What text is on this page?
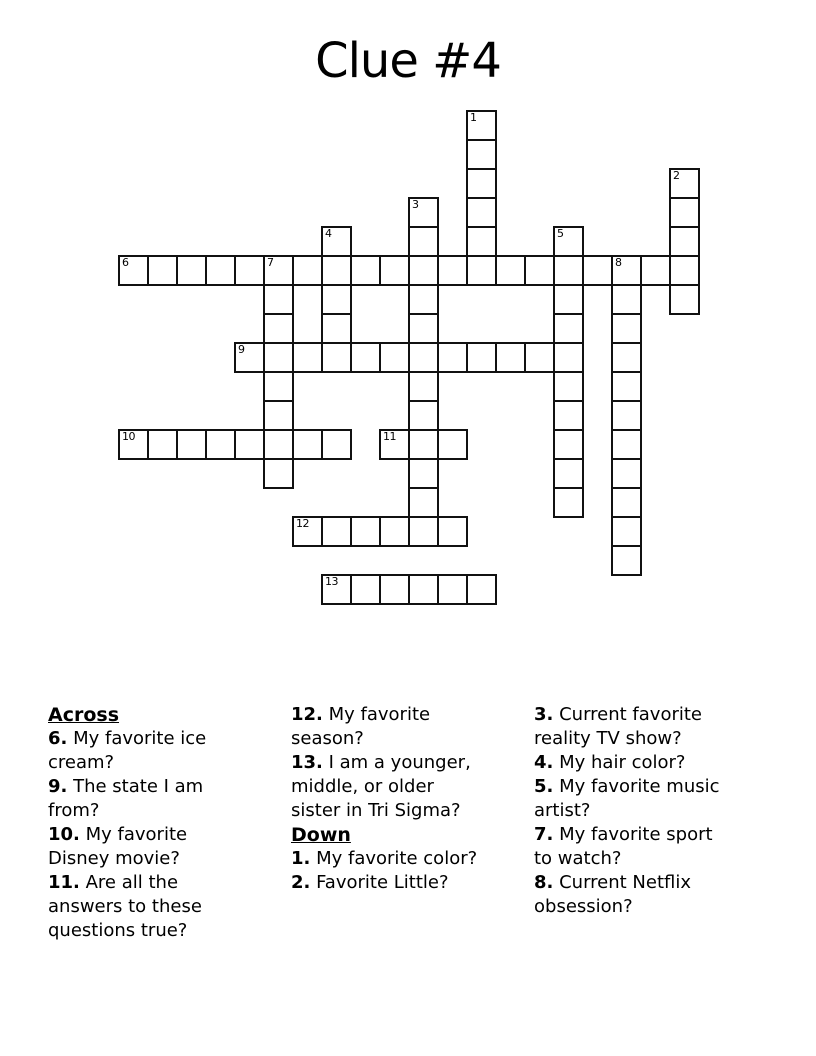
Clue #4
1
2
3
4	5
6	7	8
9
10	11
12
13
Across

6. My favorite ice cream?

9. The state I am from?

10. My favorite Disney movie?

11. Are all the answers to these questions true?

12. My favorite season?

13. I am a younger, middle, or older sister in Tri Sigma?

Down

1. My favorite color?

2. Favorite Little?

3. Current favorite reality TV show?

4. My hair color?

5. My favorite music artist?

7. My favorite sport to watch?

8. Current Netflix obsession?
